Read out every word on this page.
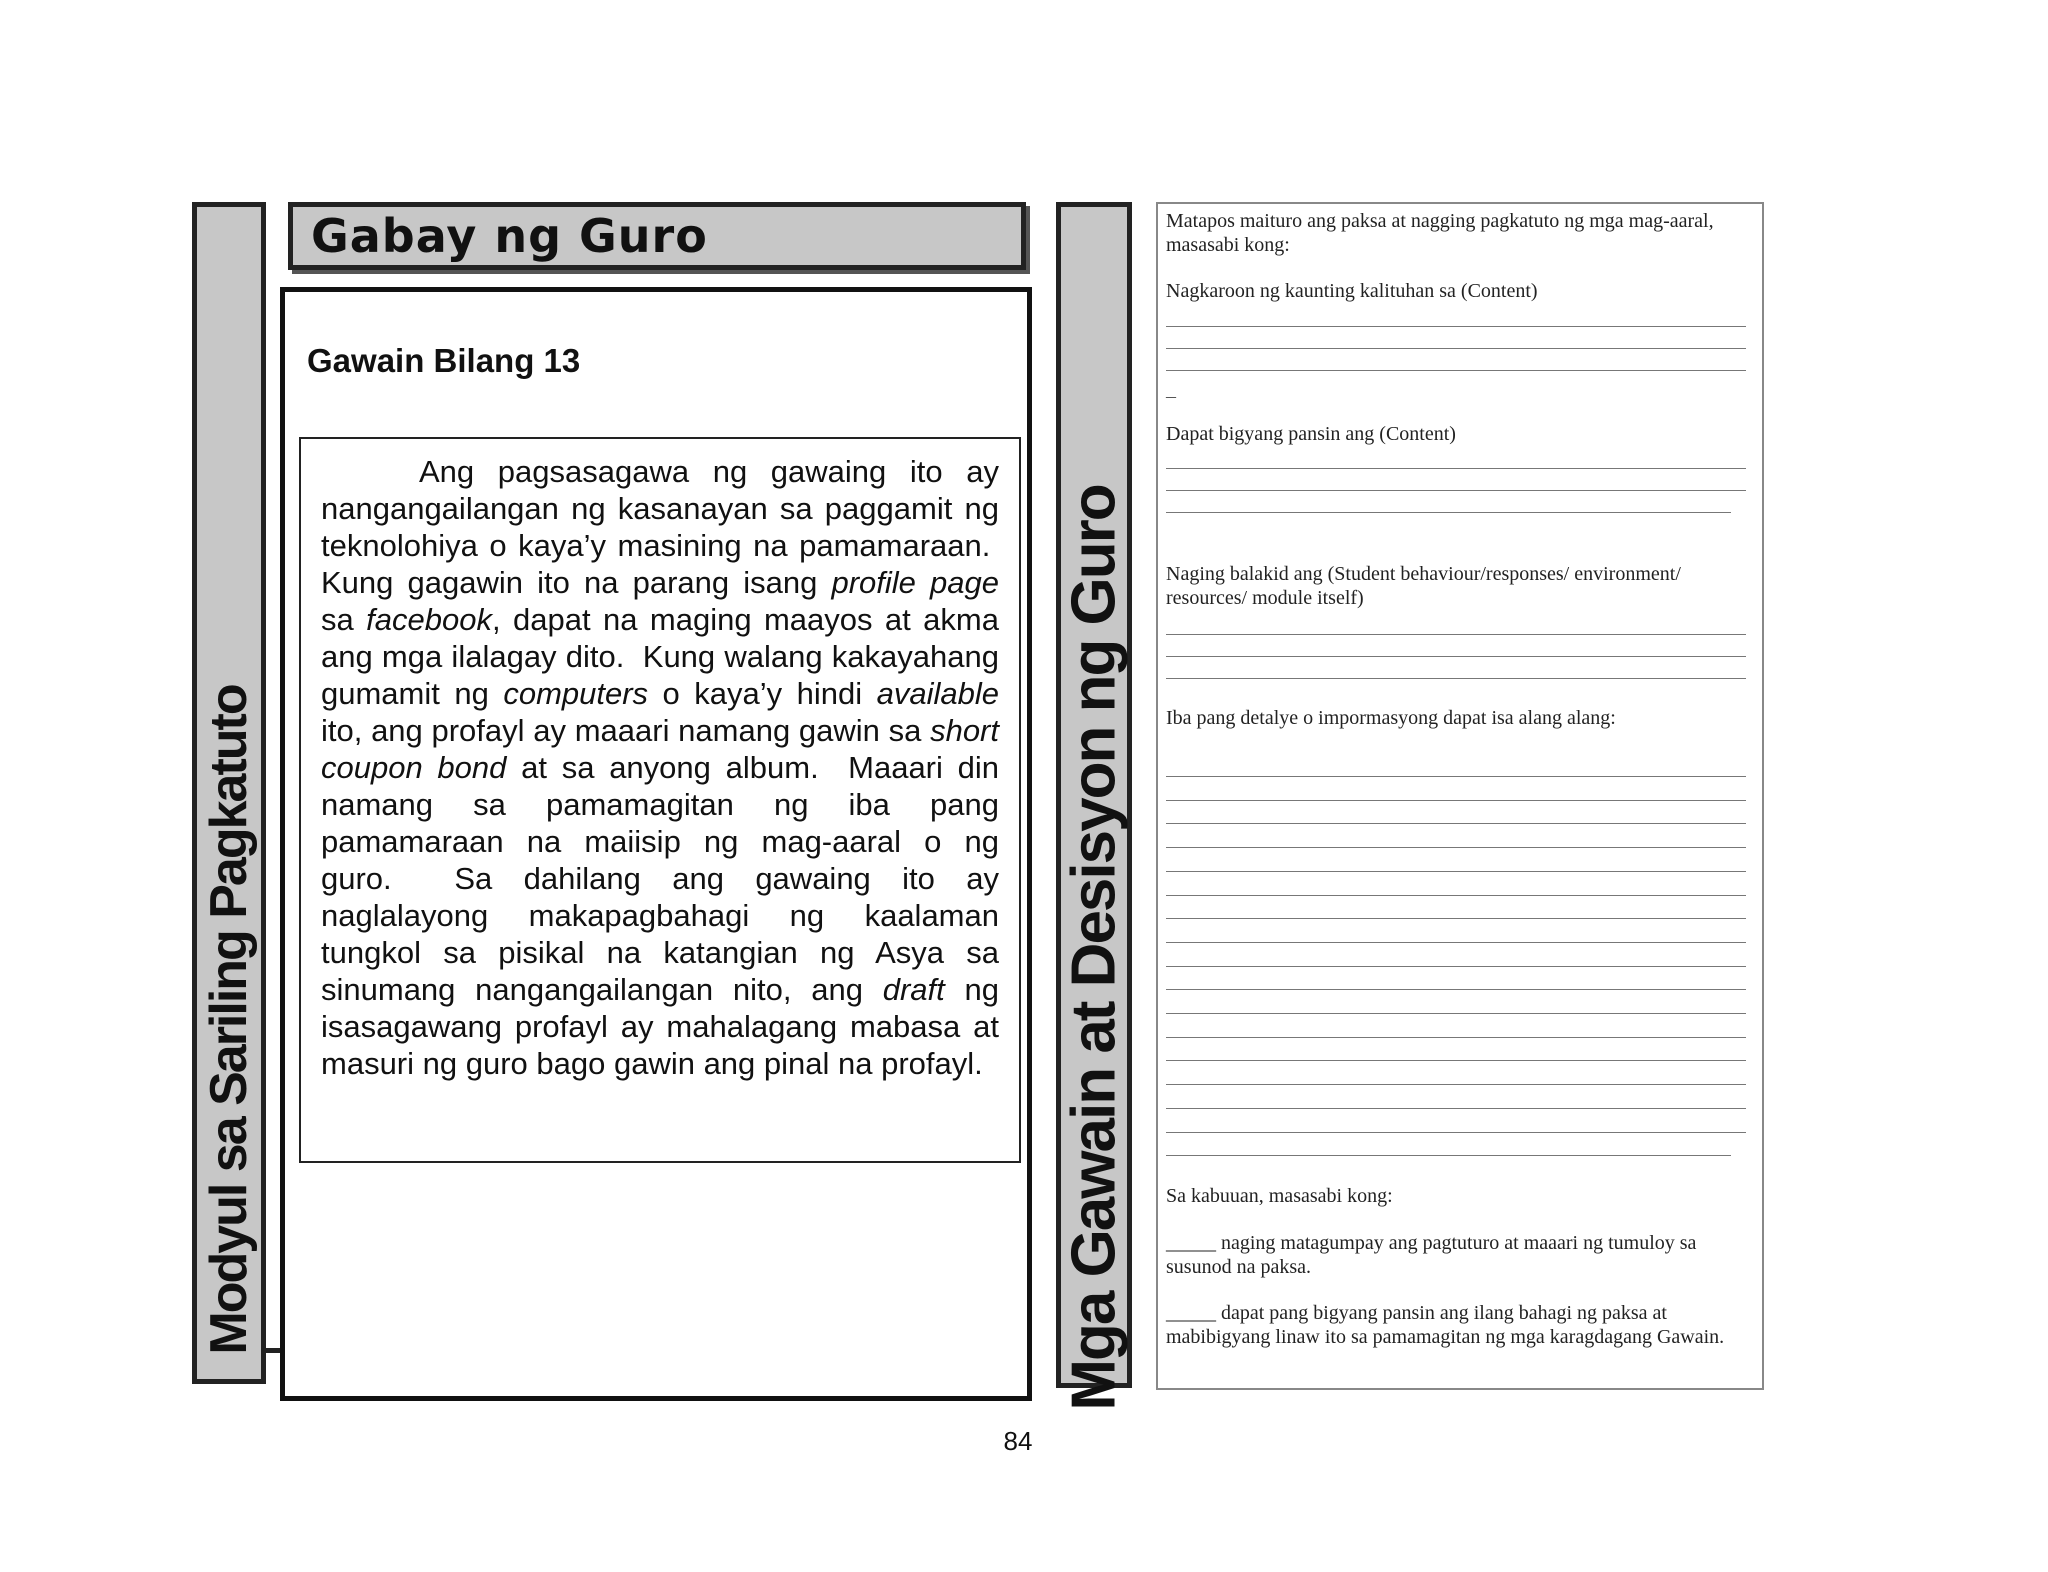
Modyul sa Sariling Pagkatuto
Gabay ng Guro
Gawain Bilang 13

Ang pagsasagawa ng gawaing ito ay nangangailangan ng kasanayan sa paggamit ng teknolohiya o kaya’y masining na pamamaraan.  Kung gagawin ito na parang isang profile page sa facebook, dapat na maging maayos at akma ang mga ilalagay dito.  Kung walang kakayahang gumamit ng computers o kaya’y hindi available ito, ang profayl ay maaari namang gawin sa short coupon bond at sa anyong album.  Maaari din namang sa pamamagitan ng iba pang pamamaraan na maiisip ng mag-aaral o ng guro.  Sa dahilang ang gawaing ito ay naglalayong makapagbahagi ng kaalaman tungkol sa pisikal na katangian ng Asya sa sinumang nangangailangan nito, ang draft ng isasagawang profayl ay mahalagang mabasa at masuri ng guro bago gawin ang pinal na profayl.

84
Mga Gawain at Desisyon ng Guro
Matapos maituro ang paksa at nagging pagkatuto ng mga mag-aaral, masasabi kong:
Nagkaroon ng kaunting kalituhan sa (Content)
–
Dapat bigyang pansin ang (Content)
Naging balakid ang (Student behaviour/responses/ environment/ resources/ module itself)
Iba pang detalye o impormasyong dapat isa alang alang:
Sa kabuuan, masasabi kong:
_____ naging matagumpay ang pagtuturo at maaari ng tumuloy sa susunod na paksa.
_____ dapat pang bigyang pansin ang ilang bahagi ng paksa at mabibigyang linaw ito sa pamamagitan ng mga karagdagang Gawain.
